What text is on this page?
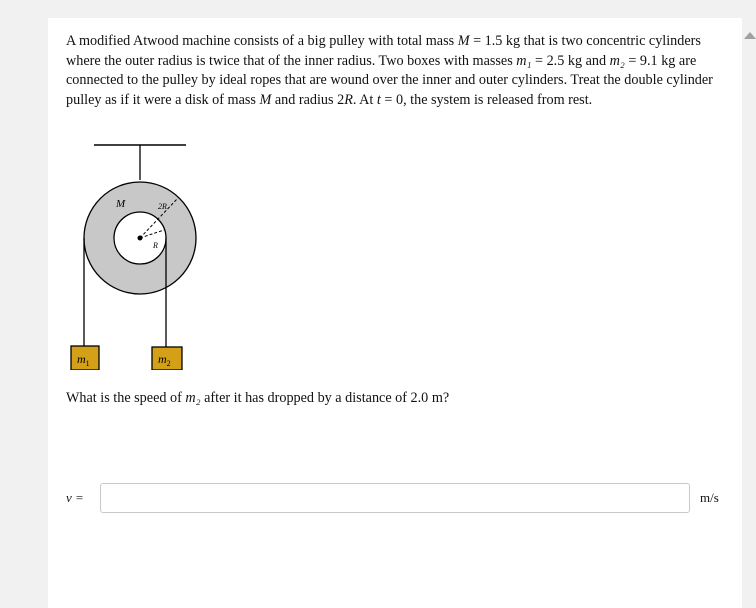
A modified Atwood machine consists of a big pulley with total mass M = 1.5 kg that is two concentric cylinders where the outer radius is twice that of the inner radius. Two boxes with masses m₁ = 2.5 kg and m₂ = 9.1 kg are connected to the pulley by ideal ropes that are wound over the inner and outer cylinders. Treat the double cylinder pulley as if it were a disk of mass M and radius 2R. At t = 0, the system is released from rest.
M	2R
R
$m_1$	$m_2$
What is the speed of m₂ after it has dropped by a distance of 2.0 m?
v =	m/s
